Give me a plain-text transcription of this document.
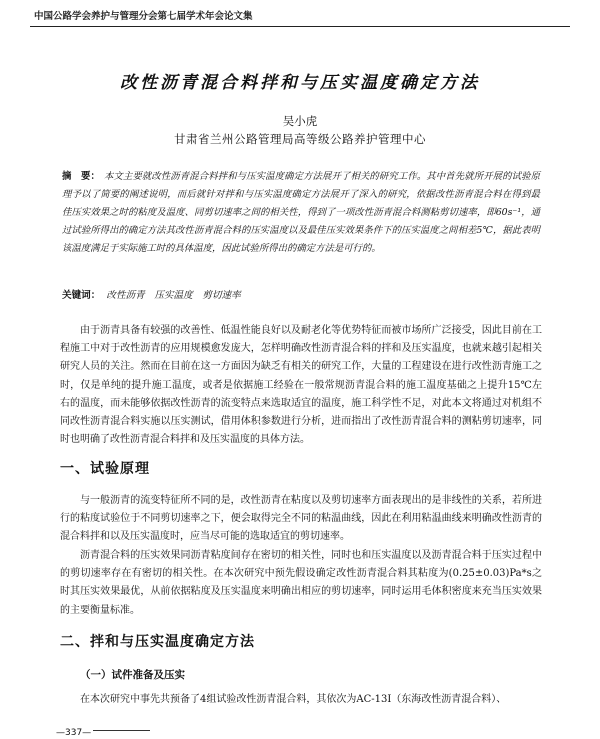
中国公路学会养护与管理分会第七届学术年会论文集
改性沥青混合料拌和与压实温度确定方法
吴小虎
甘肃省兰州公路管理局高等级公路养护管理中心
摘　要： 本文主要就改性沥青混合料拌和与压实温度确定方法展开了相关的研究工作。其中首先就所开展的试验原理予以了简要的阐述说明，而后就针对拌和与压实温度确定方法展开了深入的研究，依据改性沥青混合料在得到最佳压实效果之时的粘度及温度、同剪切速率之间的相关性，得到了一项改性沥青混合料测粘剪切速率，即60s⁻¹，通过试验所得出的确定方法其改性沥青混合料的压实温度以及最佳压实效果条件下的压实温度之间相差5℃，据此表明该温度满足于实际施工时的具体温度，因此试验所得出的确定方法是可行的。
关键词： 改性沥青　压实温度　剪切速率

由于沥青具备有较强的改善性、低温性能良好以及耐老化等优势特征而被市场所广泛接受，因此目前在工程施工中对于改性沥青的应用规模愈发庞大，怎样明确改性沥青混合料的拌和及压实温度，也就来越引起相关研究人员的关注。然而在目前在这一方面因为缺乏有相关的研究工作，大量的工程建设在进行改性沥青施工之时，仅是单纯的提升施工温度，或者是依据施工经验在一般常规沥青混合料的施工温度基础之上提升15℃左右的温度，而未能够依据改性沥青的流变特点来选取适宜的温度，施工科学性不足，对此本文将通过对机组不同改性沥青混合料实施以压实测试，借用体积参数进行分析，进而指出了改性沥青混合料的测粘剪切速率，同时也明确了改性沥青混合料拌和及压实温度的具体方法。

一、试验原理

与一般沥青的流变特征所不同的是，改性沥青在粘度以及剪切速率方面表现出的是非线性的关系，若所进行的粘度试验位于不同剪切速率之下，便会取得完全不同的粘温曲线，因此在利用粘温曲线来明确改性沥青的混合料拌和以及压实温度时，应当尽可能的选取适宜的剪切速率。

沥青混合料的压实效果同沥青粘度间存在密切的相关性，同时也和压实温度以及沥青混合料于压实过程中的剪切速率存在有密切的相关性。在本次研究中预先假设确定改性沥青混合料其粘度为(0.25±0.03)Pa*s之时其压实效果最优，从前依据粘度及压实温度来明确出相应的剪切速率，同时运用毛体积密度来充当压实效果的主要衡量标准。

二、拌和与压实温度确定方法
（一）试件准备及压实

在本次研究中事先共预备了4组试验改性沥青混合料，其依次为AC-13I（东海改性沥青混合料）、

—337—
